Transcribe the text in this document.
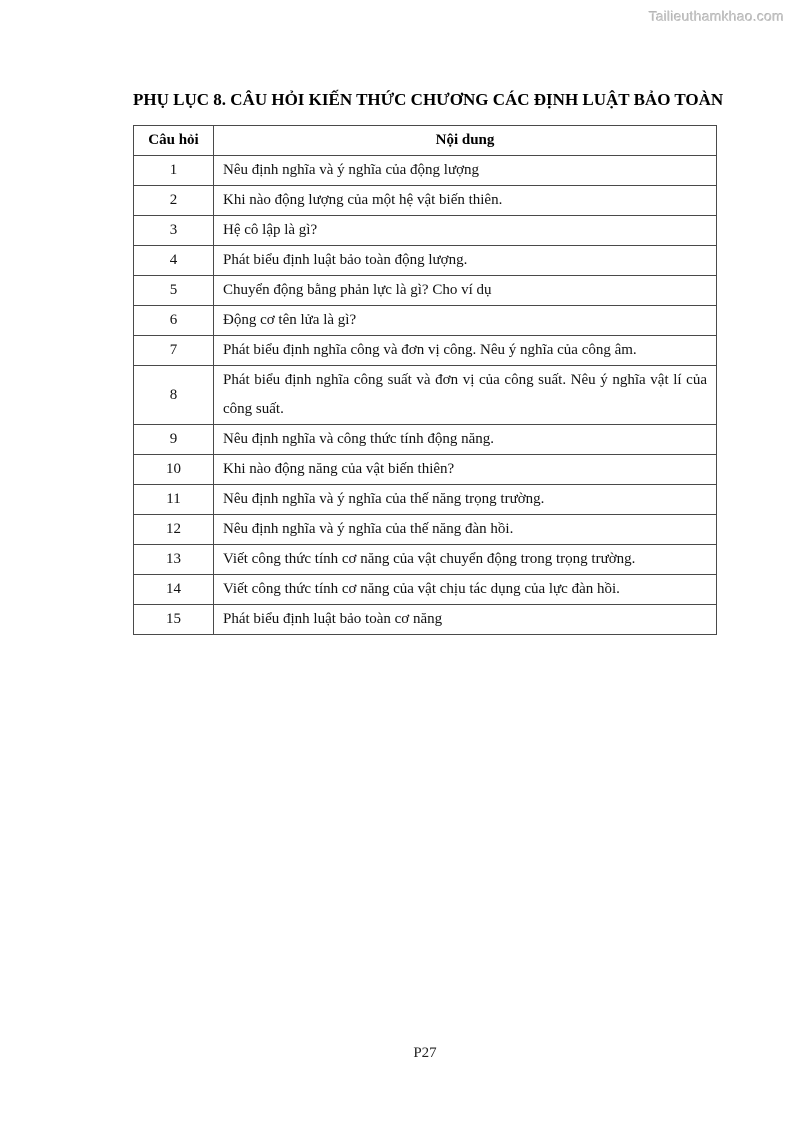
Tailieuthamkhao.com
PHỤ LỤC 8. CÂU HỎI KIẾN THỨC CHƯƠNG CÁC ĐỊNH LUẬT BẢO TOÀN
Câu hỏi	Nội dung
1	Nêu định nghĩa và ý nghĩa của động lượng
2	Khi nào động lượng của một hệ vật biến thiên.
3	Hệ cô lập là gì?
4	Phát biểu định luật bảo toàn động lượng.
5	Chuyển động bằng phản lực là gì? Cho ví dụ
6	Động cơ tên lửa là gì?
7	Phát biểu định nghĩa công và đơn vị công. Nêu ý nghĩa của công âm.
8	Phát biểu định nghĩa công suất và đơn vị của công suất. Nêu ý nghĩa vật lí của công suất.
9	Nêu định nghĩa và công thức tính động năng.
10	Khi nào động năng của vật biến thiên?
11	Nêu định nghĩa và ý nghĩa của thế năng trọng trường.
12	Nêu định nghĩa và ý nghĩa của thế năng đàn hồi.
13	Viết công thức tính cơ năng của vật chuyển động trong trọng trường.
14	Viết công thức tính cơ năng của vật chịu tác dụng của lực đàn hồi.
15	Phát biểu định luật bảo toàn cơ năng
P27
